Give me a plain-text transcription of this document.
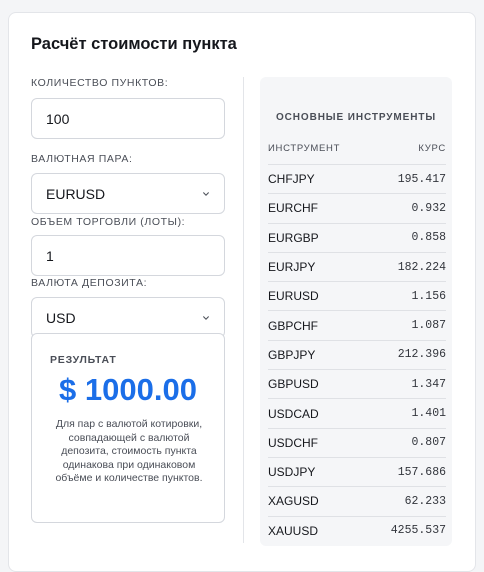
Расчёт стоимости пункта
КОЛИЧЕСТВО ПУНКТОВ:
100
ВАЛЮТНАЯ ПАРА:
EURUSD
ОБЪЕМ ТОРГОВЛИ (ЛОТЫ):
1
ВАЛЮТА ДЕПОЗИТА:
USD
РЕЗУЛЬТАТ
$ 1000.00
Для пар с валютой котировки, совпадающей с валютой депозита, стоимость пункта одинакова при одинаковом объёме и количестве пунктов.
ОСНОВНЫЕ ИНСТРУМЕНТЫ
ИНСТРУМЕНТ	КУРС
CHFJPY	195.417
EURCHF	0.932
EURGBP	0.858
EURJPY	182.224
EURUSD	1.156
GBPCHF	1.087
GBPJPY	212.396
GBPUSD	1.347
USDCAD	1.401
USDCHF	0.807
USDJPY	157.686
XAGUSD	62.233
XAUUSD	4255.537
